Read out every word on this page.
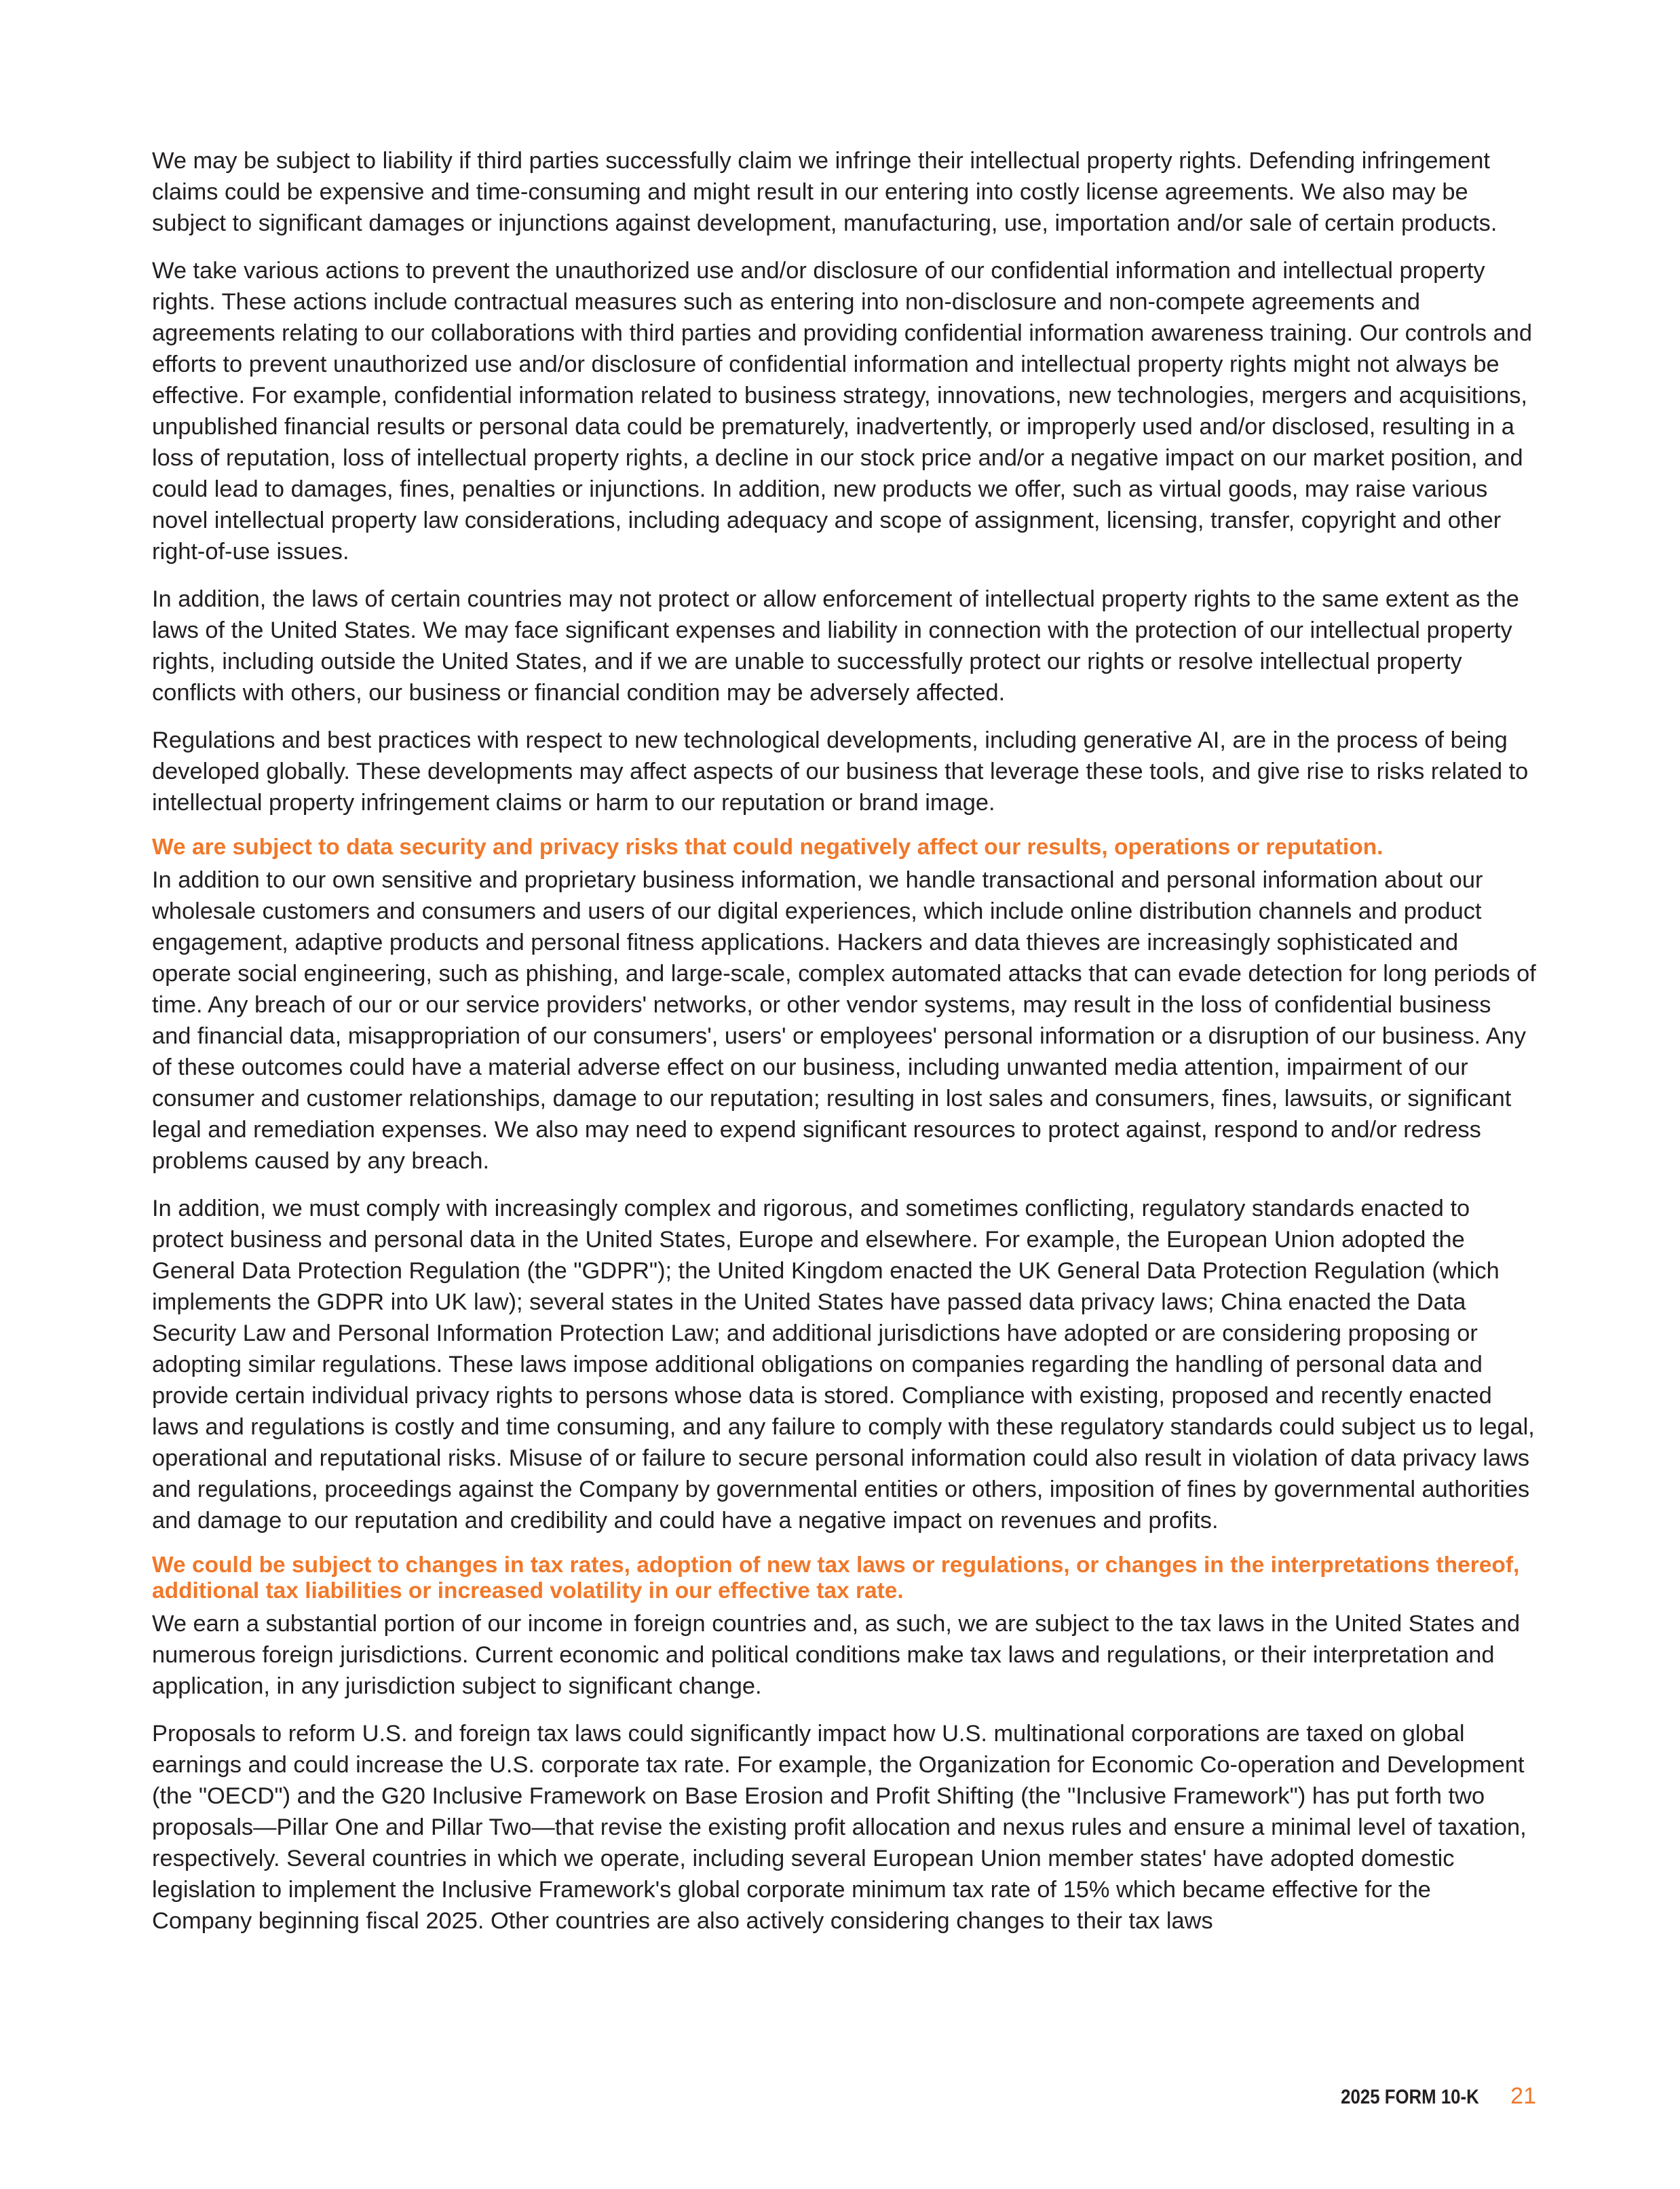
We may be subject to liability if third parties successfully claim we infringe their intellectual property rights. Defending infringement claims could be expensive and time-consuming and might result in our entering into costly license agreements. We also may be subject to significant damages or injunctions against development, manufacturing, use, importation and/or sale of certain products.

We take various actions to prevent the unauthorized use and/or disclosure of our confidential information and intellectual property rights. These actions include contractual measures such as entering into non-disclosure and non-compete agreements and agreements relating to our collaborations with third parties and providing confidential information awareness training. Our controls and efforts to prevent unauthorized use and/or disclosure of confidential information and intellectual property rights might not always be effective. For example, confidential information related to business strategy, innovations, new technologies, mergers and acquisitions, unpublished financial results or personal data could be prematurely, inadvertently, or improperly used and/or disclosed, resulting in a loss of reputation, loss of intellectual property rights, a decline in our stock price and/or a negative impact on our market position, and could lead to damages, fines, penalties or injunctions. In addition, new products we offer, such as virtual goods, may raise various novel intellectual property law considerations, including adequacy and scope of assignment, licensing, transfer, copyright and other right-of-use issues.

In addition, the laws of certain countries may not protect or allow enforcement of intellectual property rights to the same extent as the laws of the United States. We may face significant expenses and liability in connection with the protection of our intellectual property rights, including outside the United States, and if we are unable to successfully protect our rights or resolve intellectual property conflicts with others, our business or financial condition may be adversely affected.

Regulations and best practices with respect to new technological developments, including generative AI, are in the process of being developed globally. These developments may affect aspects of our business that leverage these tools, and give rise to risks related to intellectual property infringement claims or harm to our reputation or brand image.

We are subject to data security and privacy risks that could negatively affect our results, operations or reputation.

In addition to our own sensitive and proprietary business information, we handle transactional and personal information about our wholesale customers and consumers and users of our digital experiences, which include online distribution channels and product engagement, adaptive products and personal fitness applications. Hackers and data thieves are increasingly sophisticated and operate social engineering, such as phishing, and large-scale, complex automated attacks that can evade detection for long periods of time. Any breach of our or our service providers' networks, or other vendor systems, may result in the loss of confidential business and financial data, misappropriation of our consumers', users' or employees' personal information or a disruption of our business. Any of these outcomes could have a material adverse effect on our business, including unwanted media attention, impairment of our consumer and customer relationships, damage to our reputation; resulting in lost sales and consumers, fines, lawsuits, or significant legal and remediation expenses. We also may need to expend significant resources to protect against, respond to and/or redress problems caused by any breach.

In addition, we must comply with increasingly complex and rigorous, and sometimes conflicting, regulatory standards enacted to protect business and personal data in the United States, Europe and elsewhere. For example, the European Union adopted the General Data Protection Regulation (the "GDPR"); the United Kingdom enacted the UK General Data Protection Regulation (which implements the GDPR into UK law); several states in the United States have passed data privacy laws; China enacted the Data Security Law and Personal Information Protection Law; and additional jurisdictions have adopted or are considering proposing or adopting similar regulations. These laws impose additional obligations on companies regarding the handling of personal data and provide certain individual privacy rights to persons whose data is stored. Compliance with existing, proposed and recently enacted laws and regulations is costly and time consuming, and any failure to comply with these regulatory standards could subject us to legal, operational and reputational risks. Misuse of or failure to secure personal information could also result in violation of data privacy laws and regulations, proceedings against the Company by governmental entities or others, imposition of fines by governmental authorities and damage to our reputation and credibility and could have a negative impact on revenues and profits.

We could be subject to changes in tax rates, adoption of new tax laws or regulations, or changes in the interpretations thereof, additional tax liabilities or increased volatility in our effective tax rate.

We earn a substantial portion of our income in foreign countries and, as such, we are subject to the tax laws in the United States and numerous foreign jurisdictions. Current economic and political conditions make tax laws and regulations, or their interpretation and application, in any jurisdiction subject to significant change.

Proposals to reform U.S. and foreign tax laws could significantly impact how U.S. multinational corporations are taxed on global earnings and could increase the U.S. corporate tax rate. For example, the Organization for Economic Co-operation and Development (the "OECD") and the G20 Inclusive Framework on Base Erosion and Profit Shifting (the "Inclusive Framework") has put forth two proposals—Pillar One and Pillar Two—that revise the existing profit allocation and nexus rules and ensure a minimal level of taxation, respectively. Several countries in which we operate, including several European Union member states' have adopted domestic legislation to implement the Inclusive Framework's global corporate minimum tax rate of 15% which became effective for the Company beginning fiscal 2025. Other countries are also actively considering changes to their tax laws

2025 FORM 10-K 21
